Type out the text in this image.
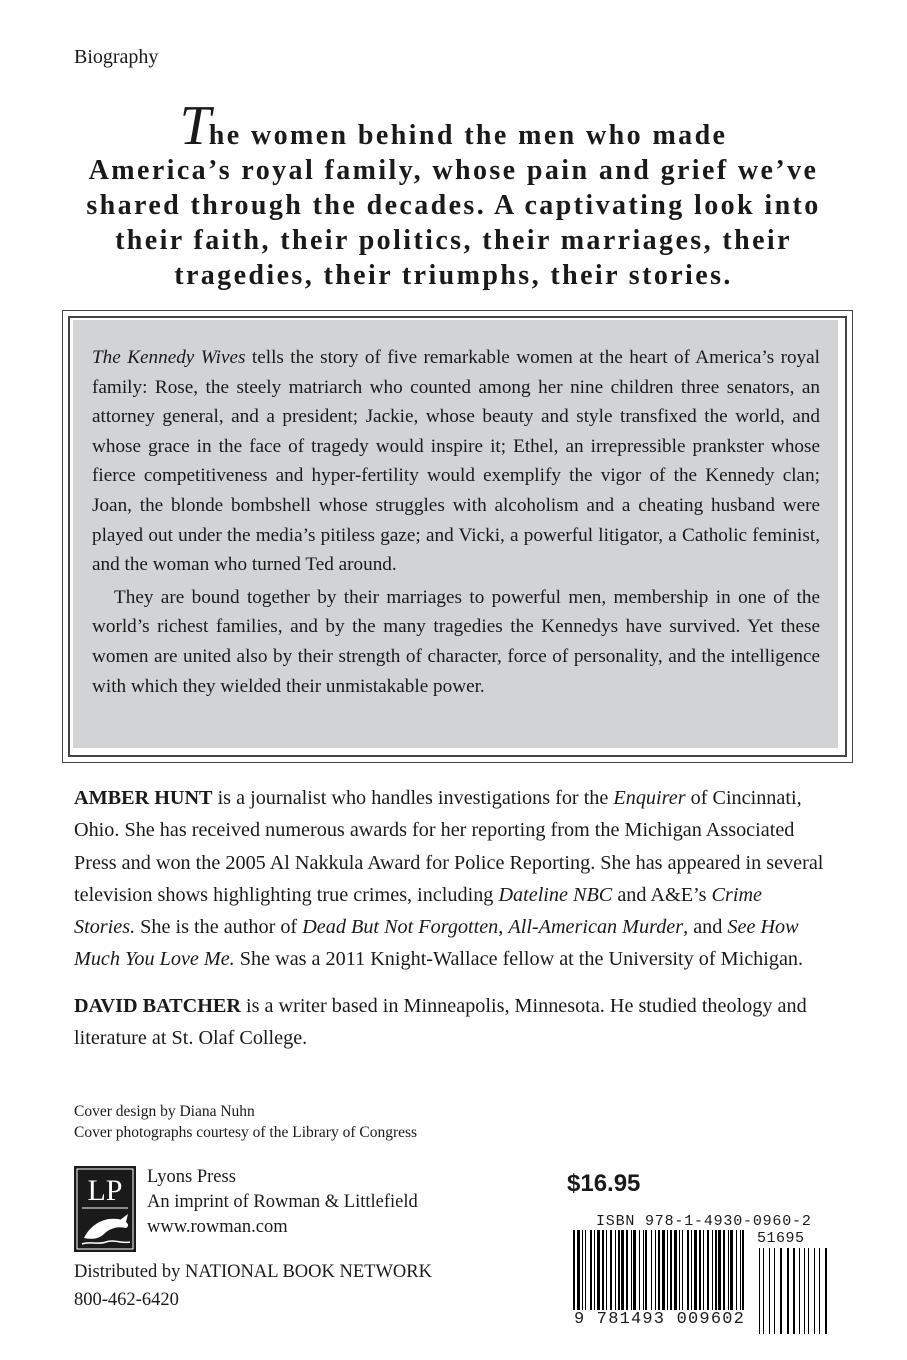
Biography
The women behind the men who made
America’s royal family, whose pain and grief we’ve
shared through the decades. A captivating look into
their faith, their politics, their marriages, their
tragedies, their triumphs, their stories.

The Kennedy Wives tells the story of five remarkable women at the heart of America’s royal family: Rose, the steely matriarch who counted among her nine children three senators, an attorney general, and a president; Jackie, whose beauty and style transfixed the world, and whose grace in the face of tragedy would inspire it; Ethel, an irrepressible prankster whose fierce competitiveness and hyper-fertility would exemplify the vigor of the Kennedy clan; Joan, the blonde bombshell whose struggles with alcoholism and a cheating husband were played out under the media’s pitiless gaze; and Vicki, a powerful litigator, a Catholic feminist, and the woman who turned Ted around.

They are bound together by their marriages to powerful men, membership in one of the world’s richest families, and by the many tragedies the Kennedys have survived. Yet these women are united also by their strength of character, force of personality, and the intelligence with which they wielded their unmistakable power.

AMBER HUNT is a journalist who handles investigations for the Enquirer of Cincinnati, Ohio. She has received numerous awards for her reporting from the Michigan Associated Press and won the 2005 Al Nakkula Award for Police Reporting. She has appeared in several television shows highlighting true crimes, including Dateline NBC and A&E’s Crime Stories. She is the author of Dead But Not Forgotten, All-American Murder, and See How Much You Love Me. She was a 2011 Knight-Wallace fellow at the University of Michigan.

DAVID BATCHER is a writer based in Minneapolis, Minnesota. He studied theology and literature at St. Olaf College.

Cover design by Diana Nuhn
Cover photographs courtesy of the Library of Congress
LP Lyons Press
An imprint of Rowman & Littlefield
www.rowman.com
Distributed by NATIONAL BOOK NETWORK
800-462-6420
$16.95
ISBN 978-1-4930-0960-2
9 781493 009602
51695
